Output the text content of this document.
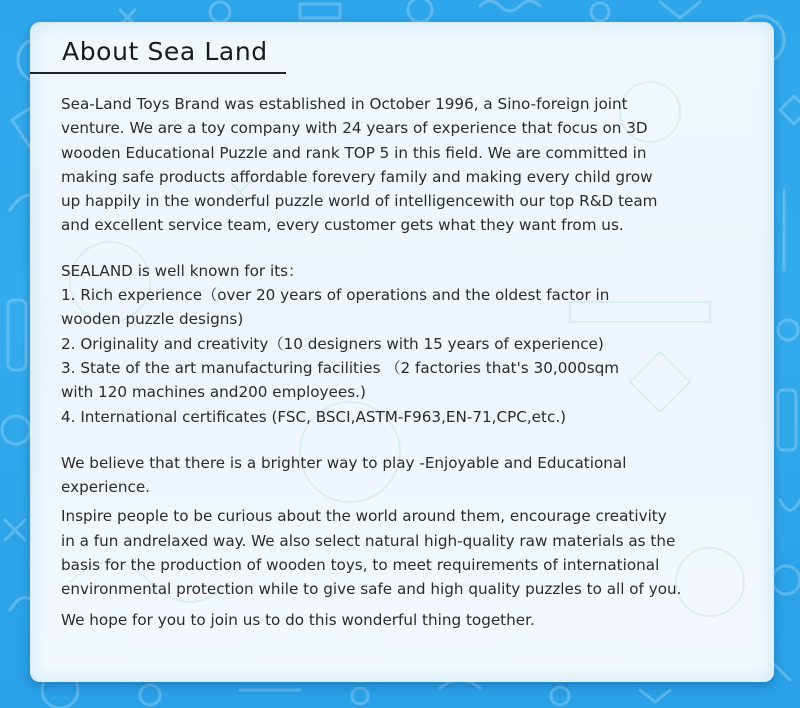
About Sea Land

Sea-Land Toys Brand was established in October 1996, a Sino-foreign joint
venture. We are a toy company with 24 years of experience that focus on 3D
wooden Educational Puzzle and rank TOP 5 in this field. We are committed in
making safe products affordable forevery family and making every child grow
up happily in the wonderful puzzle world of intelligencewith our top R&D team
and excellent service team, every customer gets what they want from us.

SEALAND is well known for its：
1. Rich experience（over 20 years of operations and the oldest factor in
wooden puzzle designs)
2. Originality and creativity（10 designers with 15 years of experience)
3. State of the art manufacturing facilities （2 factories that's 30,000sqm
with 120 machines and200 employees.)
4. International certificates (FSC, BSCI,ASTM-F963,EN-71,CPC,etc.)

We believe that there is a brighter way to play -Enjoyable and Educational
experience.

Inspire people to be curious about the world around them, encourage creativity
in a fun andrelaxed way. We also select natural high-quality raw materials as the
basis for the production of wooden toys, to meet requirements of international
environmental protection while to give safe and high quality puzzles to all of you.

We hope for you to join us to do this wonderful thing together.
